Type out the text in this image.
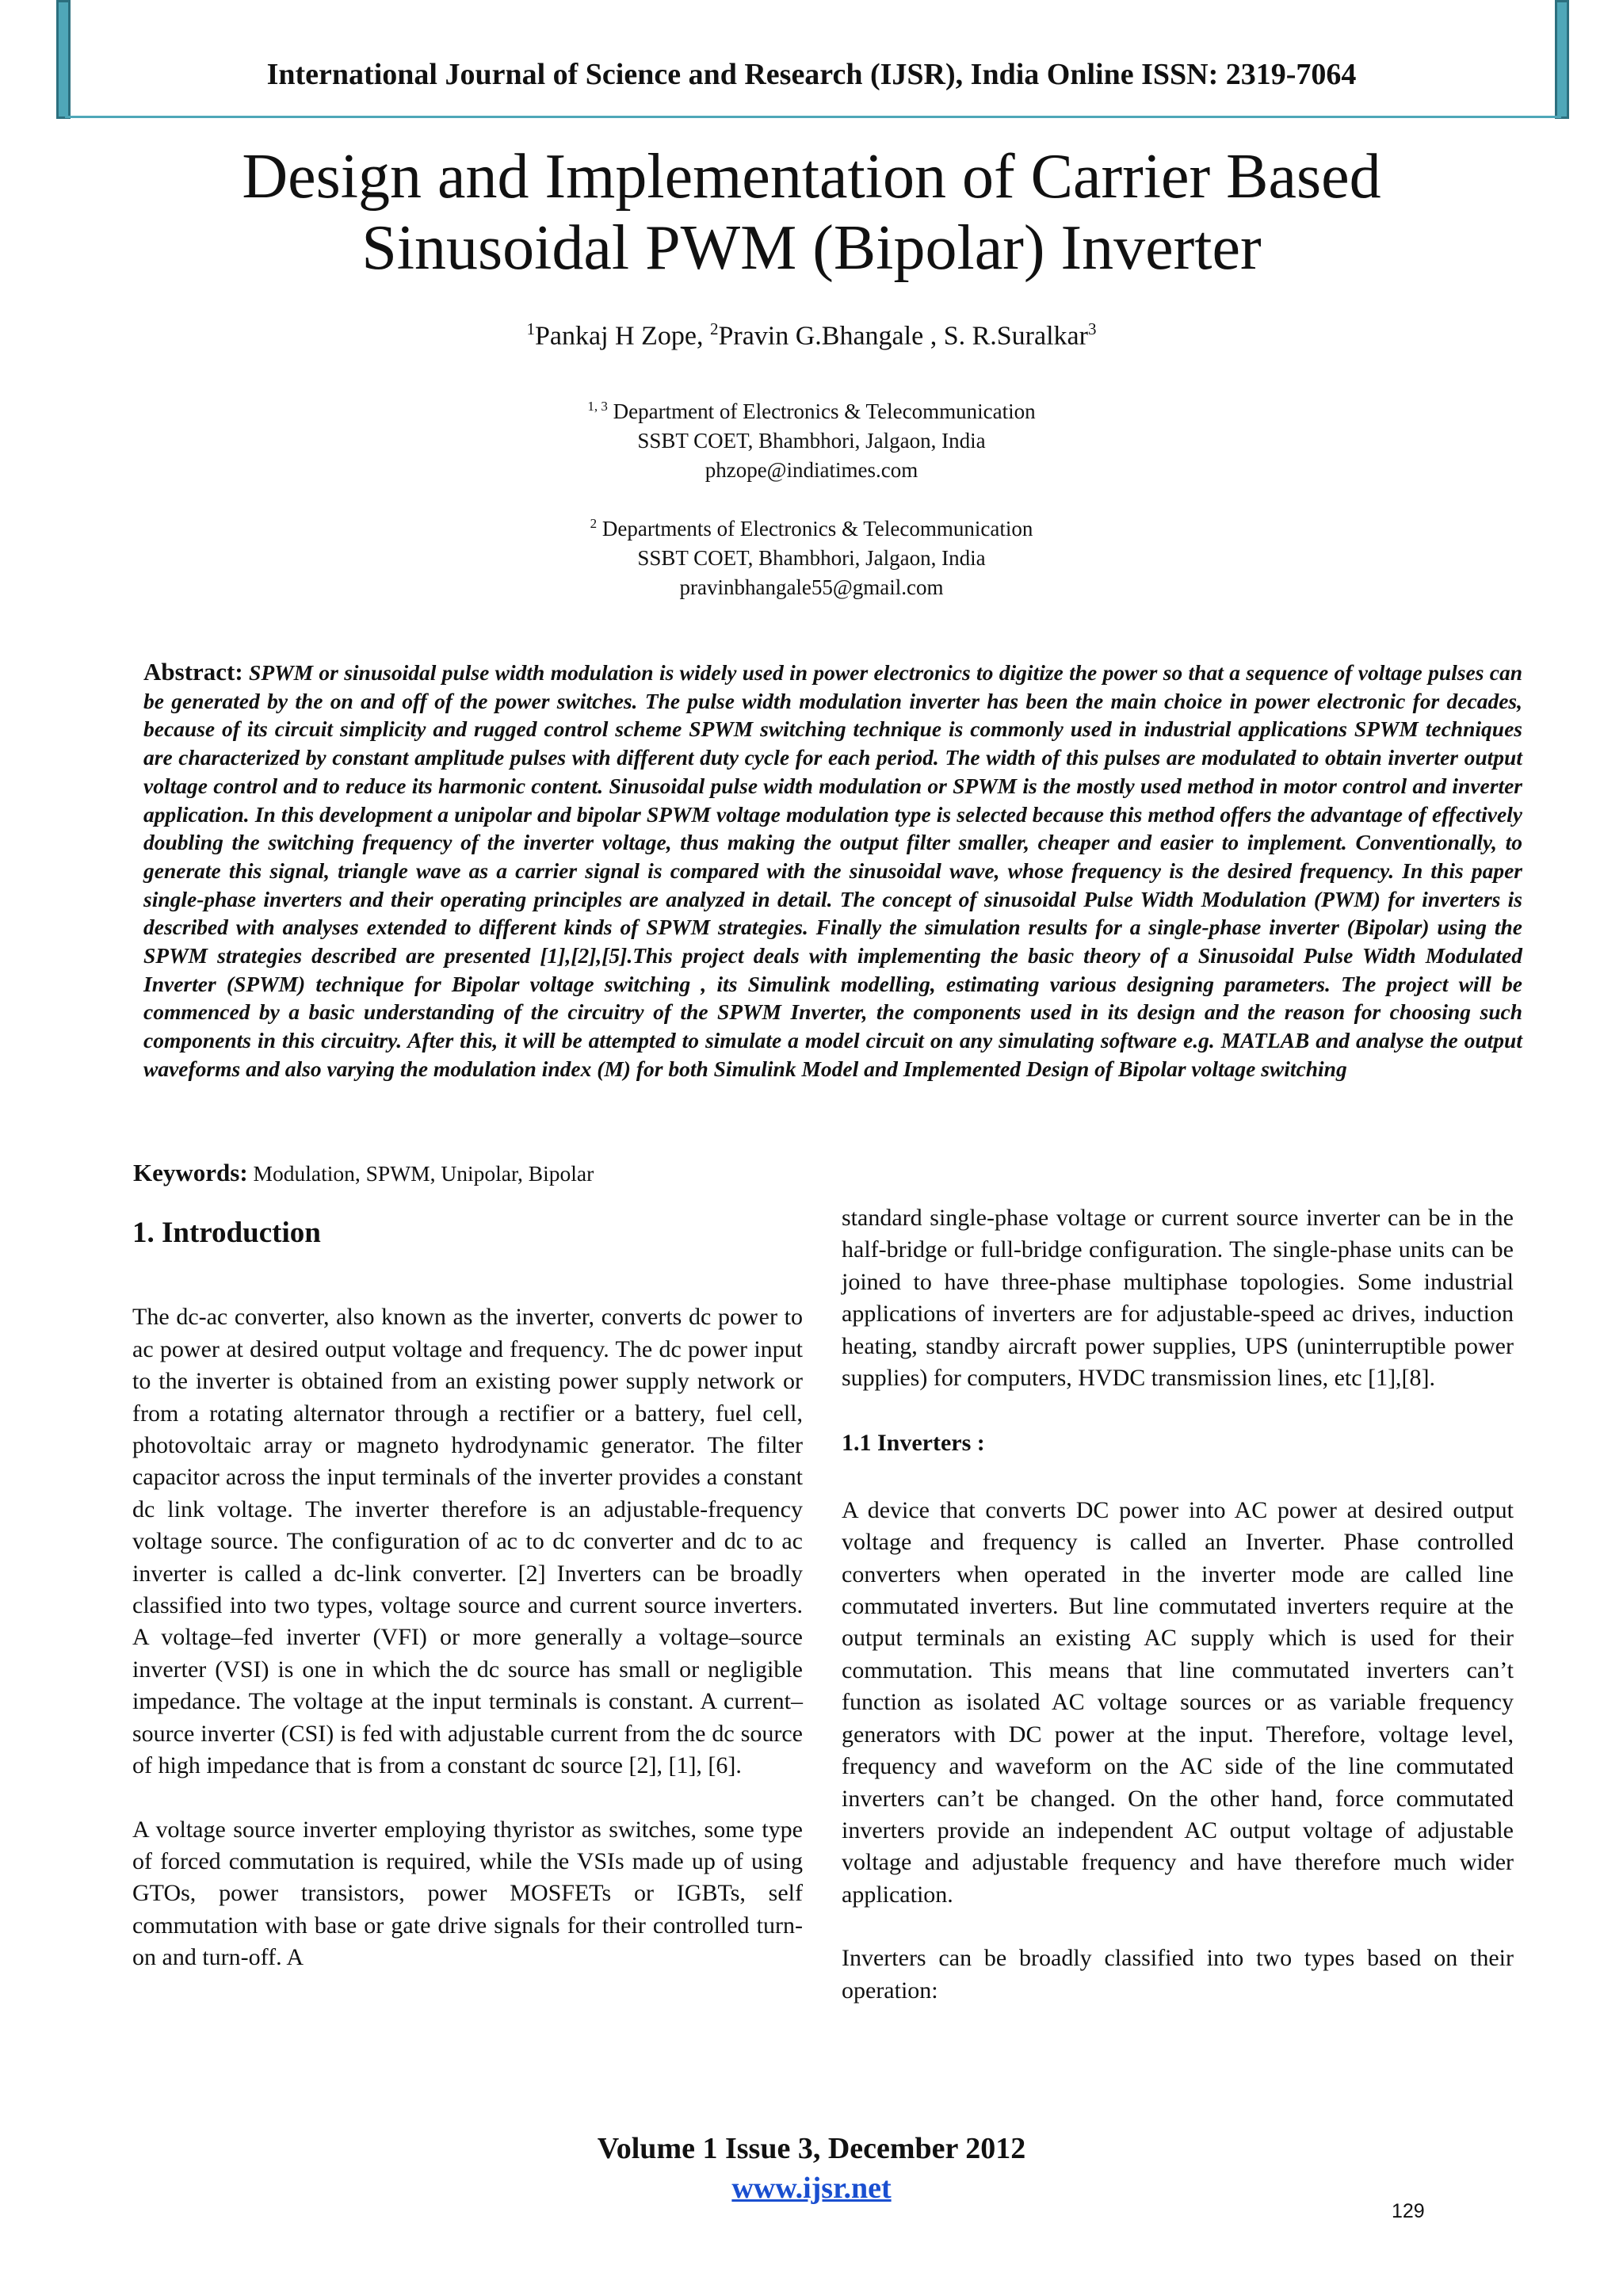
International Journal of Science and Research (IJSR), India Online ISSN: 2319-7064
Design and Implementation of Carrier Based
Sinusoidal PWM (Bipolar) Inverter
$^1$Pankaj H Zope, $^2$Pravin G.Bhangale , S. R.Suralkar$^3$
$^{1, 3}$ Department of Electronics & Telecommunication
SSBT COET, Bhambhori, Jalgaon, India
phzope@indiatimes.com
$^2$ Departments of Electronics & Telecommunication
SSBT COET, Bhambhori, Jalgaon, India
pravinbhangale55@gmail.com
Abstract: SPWM or sinusoidal pulse width modulation is widely used in power electronics to digitize the power so that a sequence of voltage pulses can be generated by the on and off of the power switches. The pulse width modulation inverter has been the main choice in power electronic for decades, because of its circuit simplicity and rugged control scheme SPWM switching technique is commonly used in industrial applications SPWM techniques are characterized by constant amplitude pulses with different duty cycle for each period. The width of this pulses are modulated to obtain inverter output voltage control and to reduce its harmonic content. Sinusoidal pulse width modulation or SPWM is the mostly used method in motor control and inverter application. In this development a unipolar and bipolar SPWM voltage modulation type is selected because this method offers the advantage of effectively doubling the switching frequency of the inverter voltage, thus making the output filter smaller, cheaper and easier to implement. Conventionally, to generate this signal, triangle wave as a carrier signal is compared with the sinusoidal wave, whose frequency is the desired frequency. In this paper single-phase inverters and their operating principles are analyzed in detail. The concept of sinusoidal Pulse Width Modulation (PWM) for inverters is described with analyses extended to different kinds of SPWM strategies. Finally the simulation results for a single-phase inverter (Bipolar) using the SPWM strategies described are presented [1],[2],[5].This project deals with implementing the basic theory of a Sinusoidal Pulse Width Modulated Inverter (SPWM) technique for Bipolar voltage switching , its Simulink modelling, estimating various designing parameters. The project will be commenced by a basic understanding of the circuitry of the SPWM Inverter, the components used in its design and the reason for choosing such components in this circuitry. After this, it will be attempted to simulate a model circuit on any simulating software e.g. MATLAB and analyse the output waveforms and also varying the modulation index (M) for both Simulink Model and Implemented Design of Bipolar voltage switching
Keywords: Modulation, SPWM, Unipolar, Bipolar
1. Introduction

The dc-ac converter, also known as the inverter, converts dc power to ac power at desired output voltage and frequency. The dc power input to the inverter is obtained from an existing power supply network or from a rotating alternator through a rectifier or a battery, fuel cell, photovoltaic array or magneto hydrodynamic generator. The filter capacitor across the input terminals of the inverter provides a constant dc link voltage. The inverter therefore is an adjustable-frequency voltage source. The configuration of ac to dc converter and dc to ac inverter is called a dc-link converter. [2] Inverters can be broadly classified into two types, voltage source and current source inverters. A voltage–fed inverter (VFI) or more generally a voltage–source inverter (VSI) is one in which the dc source has small or negligible impedance. The voltage at the input terminals is constant. A current–source inverter (CSI) is fed with adjustable current from the dc source of high impedance that is from a constant dc source [2], [1], [6].

A voltage source inverter employing thyristor as switches, some type of forced commutation is required, while the VSIs made up of using GTOs, power transistors, power MOSFETs or IGBTs, self commutation with base or gate drive signals for their controlled turn-on and turn-off. A

standard single-phase voltage or current source inverter can be in the half-bridge or full-bridge configuration. The single-phase units can be joined to have three-phase multiphase topologies. Some industrial applications of inverters are for adjustable-speed ac drives, induction heating, standby aircraft power supplies, UPS (uninterruptible power supplies) for computers, HVDC transmission lines, etc [1],[8].

1.1 Inverters :

A device that converts DC power into AC power at desired output voltage and frequency is called an Inverter. Phase controlled converters when operated in the inverter mode are called line commutated inverters. But line commutated inverters require at the output terminals an existing AC supply which is used for their commutation. This means that line commutated inverters can’t function as isolated AC voltage sources or as variable frequency generators with DC power at the input. Therefore, voltage level, frequency and waveform on the AC side of the line commutated inverters can’t be changed. On the other hand, force commutated inverters provide an independent AC output voltage of adjustable voltage and adjustable frequency and have therefore much wider application.

Inverters can be broadly classified into two types based on their operation:

Volume 1 Issue 3, December 2012
www.ijsr.net
129
